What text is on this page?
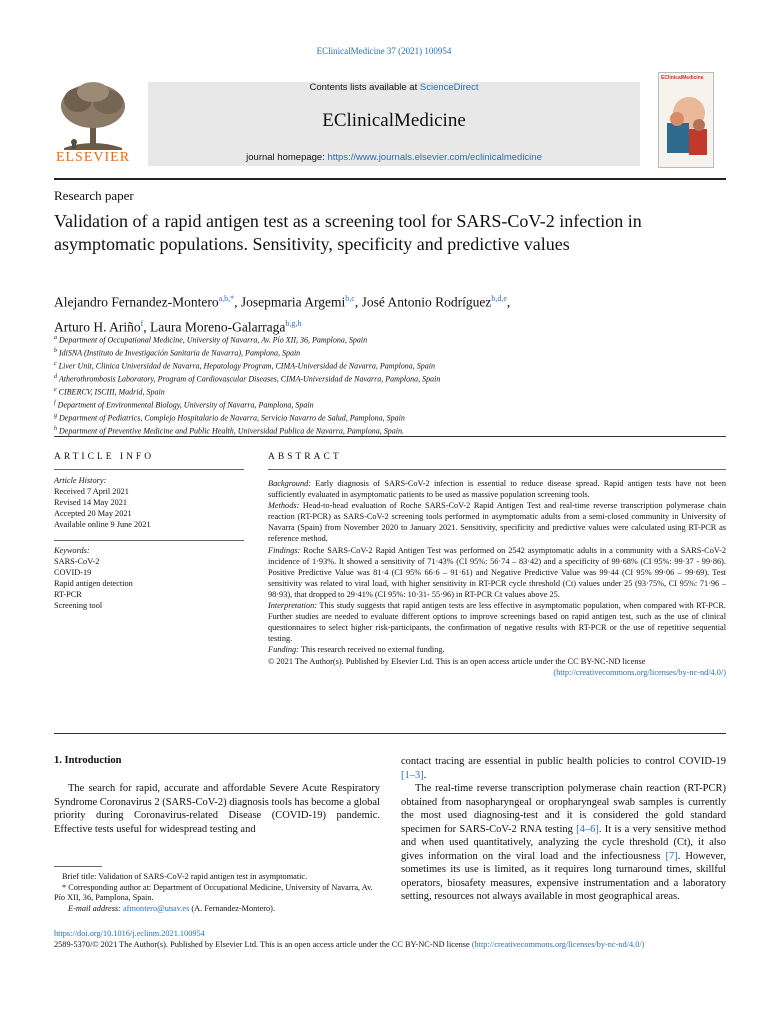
EClinicalMedicine 37 (2021) 100954
ELSEVIER
Contents lists available at ScienceDirect
EClinicalMedicine
journal homepage: https://www.journals.elsevier.com/eclinicalmedicine
EClinicalMedicine
Research paper
Validation of a rapid antigen test as a screening tool for SARS-CoV-2 infection in asymptomatic populations. Sensitivity, specificity and predictive values
Alejandro Fernandez-Montero$^{a,b,*}$, Josepmaria Argemi$^{b,c}$, José Antonio Rodríguez$^{b,d,e}$,
Arturo H. Ariño$^f$, Laura Moreno-Galarraga$^{b,g,h}$
$^a$ Department of Occupational Medicine, University of Navarra, Av. Pío XII, 36, Pamplona, Spain
$^b$ IdiSNA (Instituto de Investigación Sanitaria de Navarra), Pamplona, Spain
$^c$ Liver Unit, Clinica Universidad de Navarra, Hepatology Program, CIMA-Universidad de Navarra, Pamplona, Spain
$^d$ Atherothrombosis Laboratory, Program of Cardiovascular Diseases, CIMA-Universidad de Navarra, Pamplona, Spain
$^e$ CIBERCV, ISCIII, Madrid, Spain
$^f$ Department of Environmental Biology, University of Navarra, Pamplona, Spain
$^g$ Department of Pediatrics, Complejo Hospitalario de Navarra, Servicio Navarro de Salud, Pamplona, Spain
$^h$ Department of Preventive Medicine and Public Health, Universidad Publica de Navarra, Pamplona, Spain.
ARTICLE INFO
Article History:
Received 7 April 2021
Revised 14 May 2021
Accepted 20 May 2021
Available online 9 June 2021
Keywords:
SARS-CoV-2
COVID-19
Rapid antigen detection
RT-PCR
Screening tool
ABSTRACT

Background: Early diagnosis of SARS-CoV-2 infection is essential to reduce disease spread. Rapid antigen tests have not been sufficiently evaluated in asymptomatic patients to be used as massive population screening tools.

Methods: Head-to-head evaluation of Roche SARS-CoV-2 Rapid Antigen Test and real-time reverse transcription polymerase chain reaction (RT-PCR) as SARS-CoV-2 screening tools performed in asymptomatic adults from a semi-closed community in University of Navarra (Spain) from November 2020 to January 2021. Sensitivity, specificity and predictive values were calculated using RT-PCR as reference method.

Findings: Roche SARS-CoV-2 Rapid Antigen Test was performed on 2542 asymptomatic adults in a community with a SARS-CoV-2 incidence of 1·93%. It showed a sensitivity of 71·43% (CI 95%: 56·74 – 83·42) and a specificity of 99·68% (CI 95%: 99·37 - 99·86). Positive Predictive Value was 81·4 (CI 95% 66·6 – 91·61) and Negative Predictive Value was 99·44 (CI 95% 99·06 – 99·69). Test sensitivity was related to viral load, with higher sensitivity in RT-PCR cycle threshold (Ct) values under 25 (93·75%, CI 95%: 71·96 – 98·93), that dropped to 29·41% (CI 95%: 10·31- 55·96) in RT-PCR Ct values above 25.

Interpretation: This study suggests that rapid antigen tests are less effective in asymptomatic population, when compared with RT-PCR. Further studies are needed to evaluate different options to improve screenings based on rapid antigen test, such as the use of clinical questionnaires to select higher risk-participants, the confirmation of negative results with RT-PCR or the use of repetitive sequential testing.

Funding: This research received no external funding.

© 2021 The Author(s). Published by Elsevier Ltd. This is an open access article under the CC BY-NC-ND license

(http://creativecommons.org/licenses/by-nc-nd/4.0/)

1. Introduction

The search for rapid, accurate and affordable Severe Acute Respiratory Syndrome Coronavirus 2 (SARS-CoV-2) diagnosis tools has become a global priority during Coronavirus-related Disease (COVID-19) pandemic. Effective tests useful for widespread testing and

contact tracing are essential in public health policies to control COVID-19 [1–3].

The real-time reverse transcription polymerase chain reaction (RT-PCR) obtained from nasopharyngeal or oropharyngeal swab samples is currently the most used diagnosing-test and it is considered the gold standard specimen for SARS-CoV-2 RNA testing [4–6]. It is a very sensitive method and when used quantitatively, analyzing the cycle threshold (Ct), it also gives information on the viral load and the infectiousness [7]. However, sometimes its use is limited, as it requires long turnaround times, skillful operators, biosafety measures, expensive instrumentation and a laboratory setting, resources not always available in most geographical areas.

Brief title: Validation of SARS-CoV-2 rapid antigen test in asymptomatic.
* Corresponding author at: Department of Occupational Medicine, University of Navarra, Av. Pío XII, 36, Pamplona, Spain.
E-mail address: afmontero@unav.es (A. Fernandez-Montero).
https://doi.org/10.1016/j.eclinm.2021.100954
2589-5370/© 2021 The Author(s). Published by Elsevier Ltd. This is an open access article under the CC BY-NC-ND license (http://creativecommons.org/licenses/by-nc-nd/4.0/)
